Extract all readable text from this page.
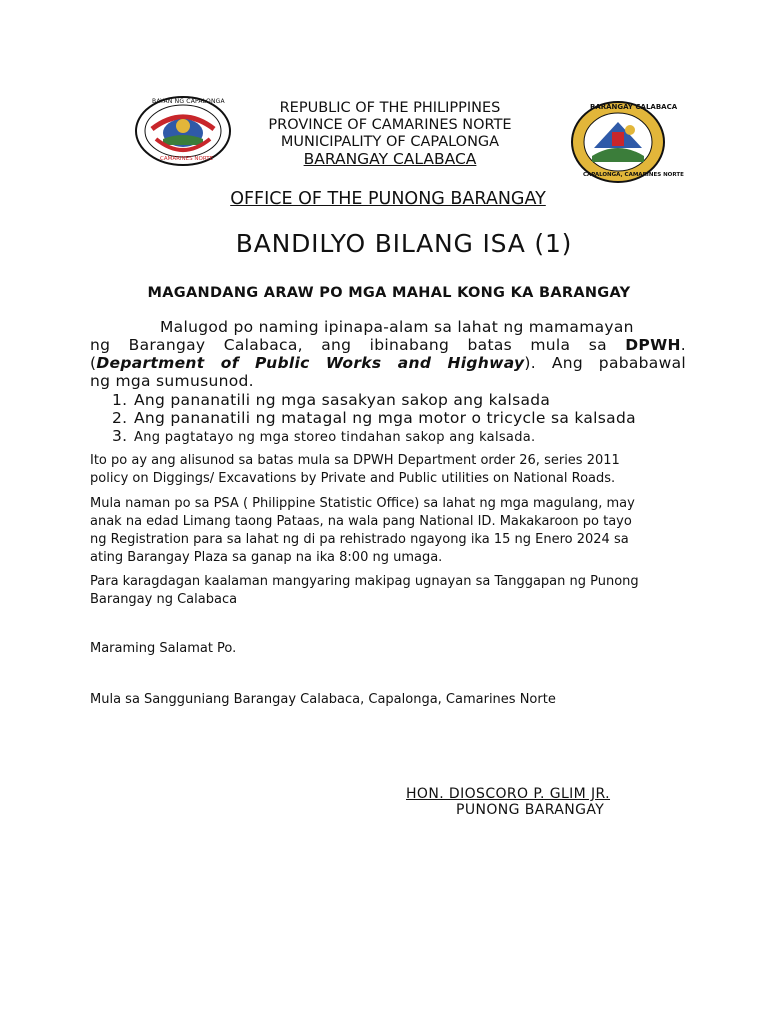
BAYAN NG CAPALONGA
CAMARINES NORTE
BARANGAY CALABACA
CAPALONGA, CAMARINES NORTE
REPUBLIC OF THE PHILIPPINES
PROVINCE OF CAMARINES NORTE
MUNICIPALITY OF CAPALONGA
BARANGAY CALABACA
OFFICE OF THE PUNONG BARANGAY
BANDILYO BILANG ISA (1)
MAGANDANG ARAW PO MGA MAHAL KONG KA BARANGAY
Malugod po naming ipinapa-alam sa lahat ng mamamayan
ng Barangay Calabaca, ang ibinabang batas mula sa DPWH.
(Department of Public Works and Highway). Ang pababawal
ng mga sumusunod.
1. Ang pananatili ng mga sasakyan sakop ang kalsada
2. Ang pananatili ng matagal ng mga motor o tricycle sa kalsada
3. Ang pagtatayo ng mga storeo tindahan sakop ang kalsada.
Ito po ay ang alisunod sa batas mula sa DPWH Department order 26, series 2011
policy on Diggings/ Excavations by Private and Public utilities on National Roads.
Mula naman po sa PSA ( Philippine Statistic Office) sa lahat ng mga magulang, may
anak na edad Limang taong Pataas, na wala pang National ID. Makakaroon po tayo
ng Registration para sa lahat ng di pa rehistrado ngayong ika 15 ng Enero 2024 sa
ating Barangay Plaza sa ganap na ika 8:00 ng umaga.
Para karagdagan kaalaman mangyaring makipag ugnayan sa Tanggapan ng Punong
Barangay ng Calabaca
Maraming Salamat Po.
Mula sa Sangguniang Barangay Calabaca, Capalonga, Camarines Norte
HON. DIOSCORO P. GLIM JR.
PUNONG BARANGAY
